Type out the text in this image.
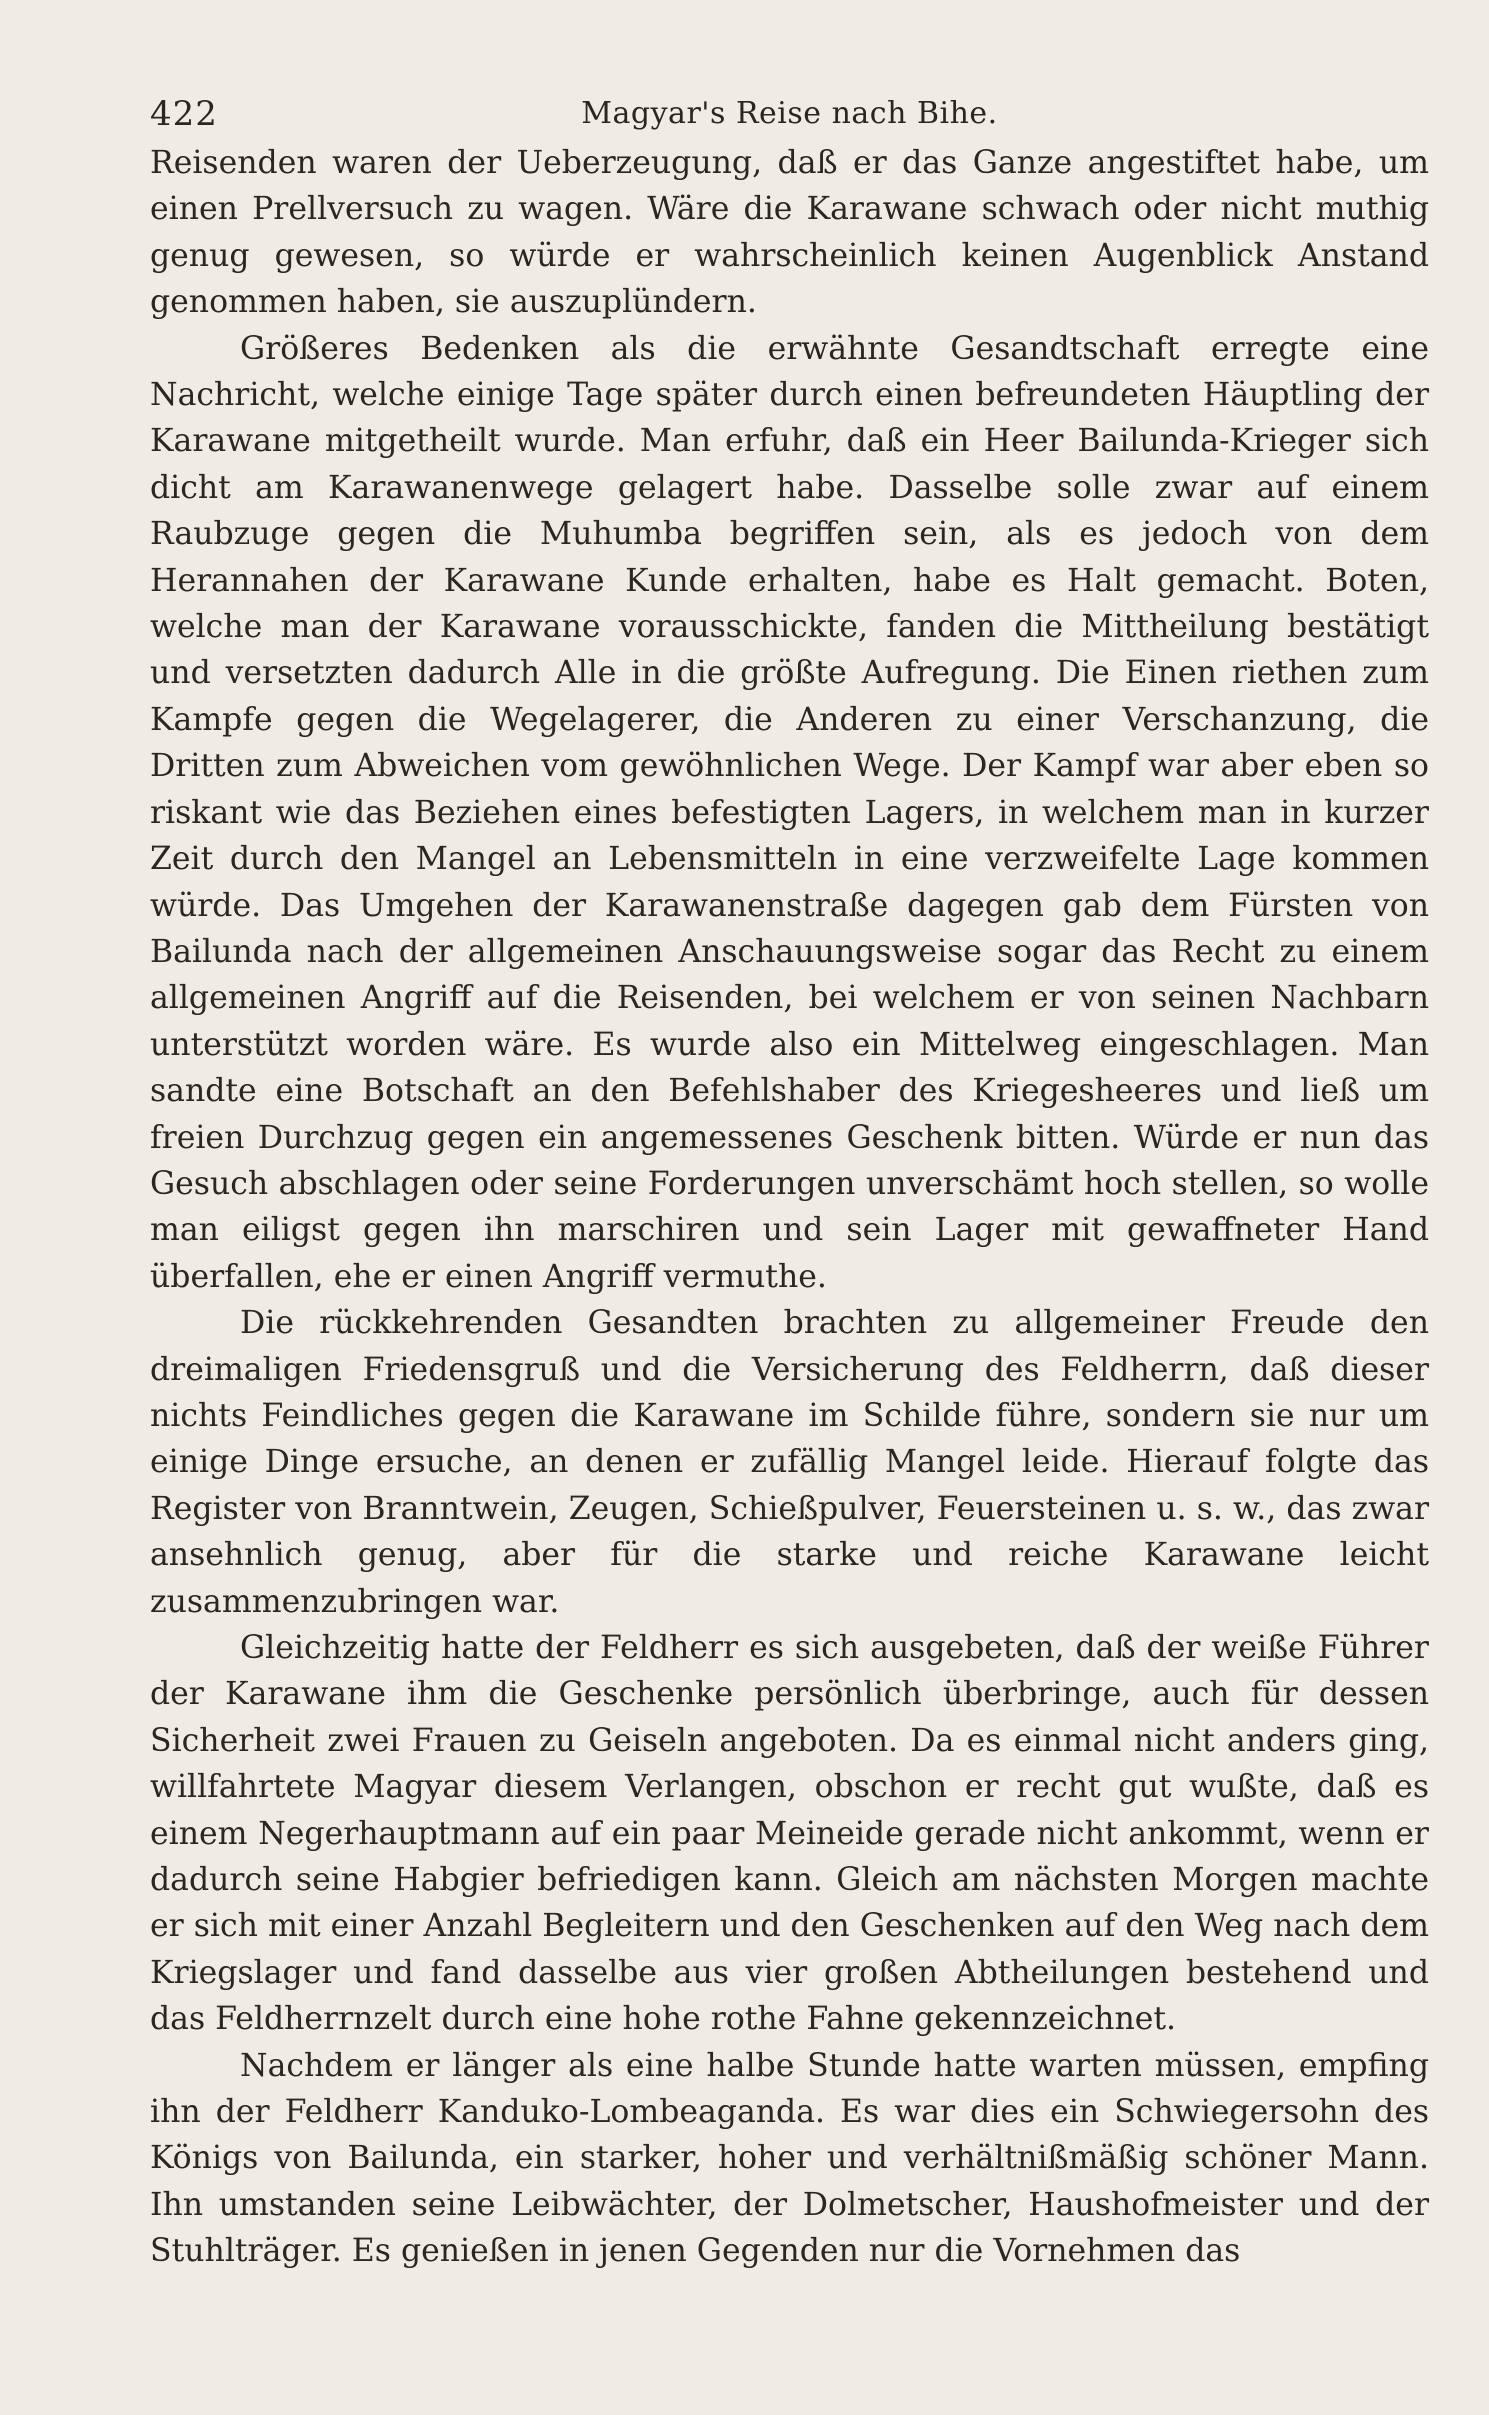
422	Magyar's Reise nach Bihe.

Reisenden waren der Ueberzeugung, daß er das Ganze angestiftet habe, um einen Prellversuch zu wagen. Wäre die Karawane schwach oder nicht muthig genug gewesen, so würde er wahrscheinlich keinen Augenblick Anstand genommen haben, sie auszuplündern.

Größeres Bedenken als die erwähnte Gesandtschaft erregte eine Nachricht, welche einige Tage später durch einen befreundeten Häuptling der Karawane mitgetheilt wurde. Man erfuhr, daß ein Heer Bailunda-Krieger sich dicht am Karawanenwege gelagert habe. Dasselbe solle zwar auf einem Raubzuge gegen die Muhumba begriffen sein, als es jedoch von dem Herannahen der Karawane Kunde erhalten, habe es Halt gemacht. Boten, welche man der Karawane vorausschickte, fanden die Mittheilung bestätigt und versetzten dadurch Alle in die größte Aufregung. Die Einen riethen zum Kampfe gegen die Wegelagerer, die Anderen zu einer Verschanzung, die Dritten zum Abweichen vom gewöhnlichen Wege. Der Kampf war aber eben so riskant wie das Beziehen eines befestigten Lagers, in welchem man in kurzer Zeit durch den Mangel an Lebensmitteln in eine verzweifelte Lage kommen würde. Das Umgehen der Karawanenstraße dagegen gab dem Fürsten von Bailunda nach der allgemeinen Anschauungsweise sogar das Recht zu einem allgemeinen Angriff auf die Reisenden, bei welchem er von seinen Nachbarn unterstützt worden wäre. Es wurde also ein Mittelweg eingeschlagen. Man sandte eine Botschaft an den Befehlshaber des Kriegesheeres und ließ um freien Durchzug gegen ein angemessenes Geschenk bitten. Würde er nun das Gesuch abschlagen oder seine Forderungen unverschämt hoch stellen, so wolle man eiligst gegen ihn marschiren und sein Lager mit gewaffneter Hand überfallen, ehe er einen Angriff vermuthe.

Die rückkehrenden Gesandten brachten zu allgemeiner Freude den dreimaligen Friedensgruß und die Versicherung des Feldherrn, daß dieser nichts Feindliches gegen die Karawane im Schilde führe, sondern sie nur um einige Dinge ersuche, an denen er zufällig Mangel leide. Hierauf folgte das Register von Branntwein, Zeugen, Schießpulver, Feuersteinen u. s. w., das zwar ansehnlich genug, aber für die starke und reiche Karawane leicht zusammenzubringen war.

Gleichzeitig hatte der Feldherr es sich ausgebeten, daß der weiße Führer der Karawane ihm die Geschenke persönlich überbringe, auch für dessen Sicherheit zwei Frauen zu Geiseln angeboten. Da es einmal nicht anders ging, willfahrtete Magyar diesem Verlangen, obschon er recht gut wußte, daß es einem Negerhauptmann auf ein paar Meineide gerade nicht ankommt, wenn er dadurch seine Habgier befriedigen kann. Gleich am nächsten Morgen machte er sich mit einer Anzahl Begleitern und den Geschenken auf den Weg nach dem Kriegslager und fand dasselbe aus vier großen Abtheilungen bestehend und das Feldherrnzelt durch eine hohe rothe Fahne gekennzeichnet.

Nachdem er länger als eine halbe Stunde hatte warten müssen, empfing ihn der Feldherr Kanduko-Lombeaganda. Es war dies ein Schwiegersohn des Königs von Bailunda, ein starker, hoher und verhältnißmäßig schöner Mann. Ihn umstanden seine Leibwächter, der Dolmetscher, Haushofmeister und der Stuhlträger. Es genießen in jenen Gegenden nur die Vornehmen das
